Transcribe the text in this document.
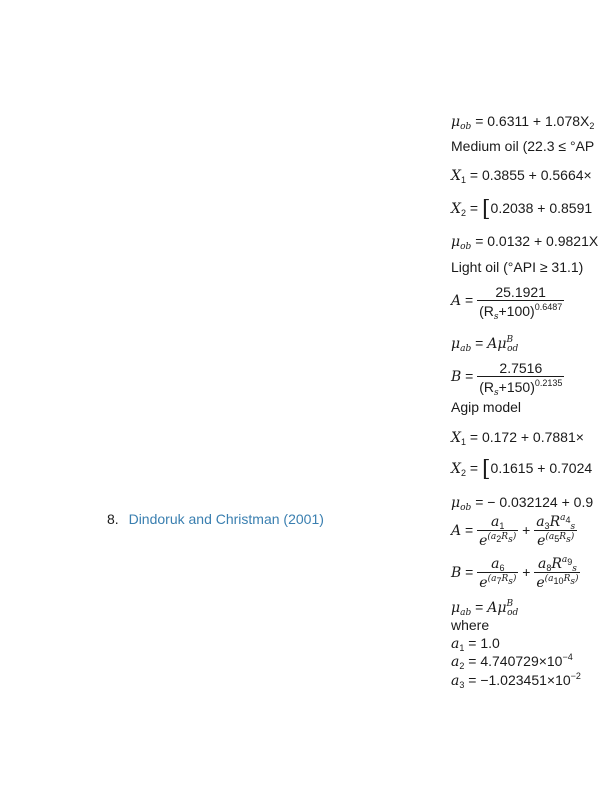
8. Dindoruk and Christman (2001)
$\mu_{ob} = 0.6311 + 1.078X_2$
Medium oil (22.3 ≤ °AP
$X_1 = 0.3855 + 0.5664\times$
$X_2 = [0.2038 + 0.8591$
$\mu_{ob} = 0.0132 + 0.9821X$
Light oil (°API ≥ 31.1)
$A = \frac{25.1921}{(R_s+100)^{0.6487}}$
$\mu_{ab} = A\mu^B_{od}$
$B = \frac{2.7516}{(R_s+150)^{0.2135}}$
Agip model
$X_1 = 0.172 + 0.7881\times$
$X_2 = [0.1615 + 0.7024$
$\mu_{ob}$ = − 0.032124 + 0.9
$A = \frac{a_1}{e^{(a_2R_s)}} + \frac{a_3R^{a_4}_s}{e^{(a_5R_s)}}$
$B = \frac{a_6}{e^{(a_7R_s)}} + \frac{a_8R^{a_9}_s}{e^{(a_{10}R_s)}}$
$\mu_{ab} = A\mu^B_{od}$
where
$a_1 = 1.0$
$a_2 = 4.740729\times 10^{-4}$
$a_3 = -1.023451\times 10^{-2}$
